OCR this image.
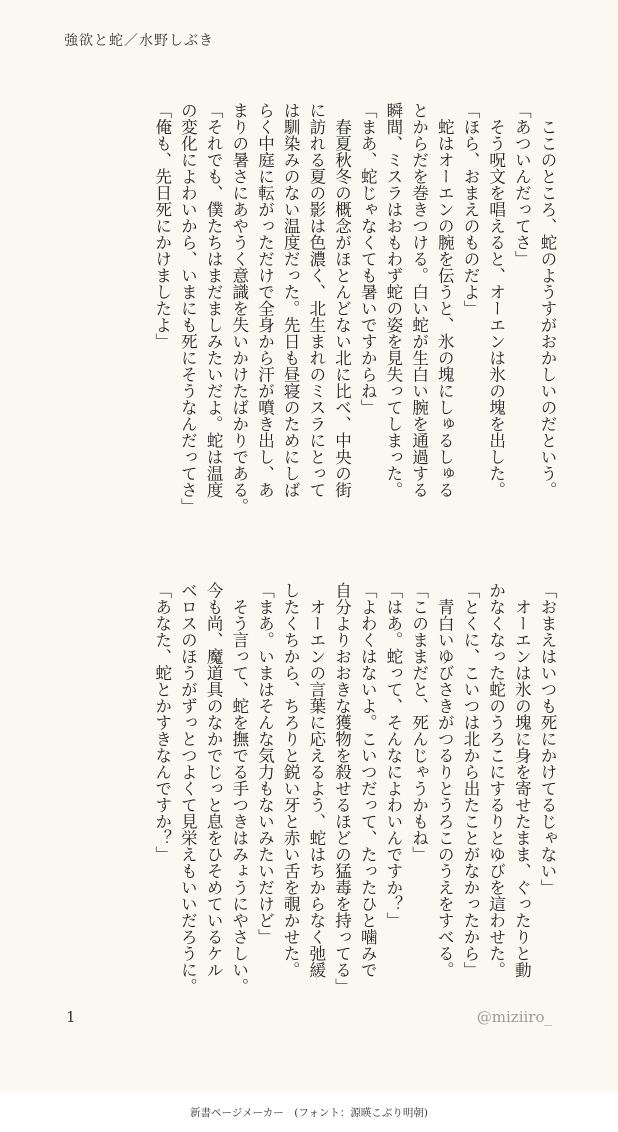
強欲と蛇／水野しぶき
　ここのところ、蛇のようすがおかしいのだという。
「あついんだってさ」
　そう呪文を唱えると、オーエンは氷の塊を出した。
「ほら、おまえのものだよ」
　蛇はオーエンの腕を伝うと、氷の塊にしゅるしゅる
とからだを巻きつける。白い蛇が生白い腕を通過する
瞬間、ミスラはおもわず蛇の姿を見失ってしまった。
「まあ、蛇じゃなくても暑いですからね」
　春夏秋冬の概念がほとんどない北に比べ、中央の街
に訪れる夏の影は色濃く、北生まれのミスラにとって
は馴染みのない温度だった。先日も昼寝のためにしば
らく中庭に転がっただけで全身から汗が噴き出し、あ
まりの暑さにあやうく意識を失いかけたばかりである。
「それでも、僕たちはまだましみたいだよ。蛇は温度
の変化によわいから、いまにも死にそうなんだってさ」
「俺も、先日死にかけましたよ」
「おまえはいつも死にかけてるじゃない」
　オーエンは氷の塊に身を寄せたまま、ぐったりと動
かなくなった蛇のうろこにするりとゆびを這わせた。
「とくに、こいつは北から出たことがなかったから」
　青白いゆびさきがつるりとうろこのうえをすべる。
「このままだと、死んじゃうかもね」
「はあ。蛇って、そんなによわいんですか？」
「よわくはないよ。こいつだって、たったひと噛みで
自分よりおおきな獲物を殺せるほどの猛毒を持ってる」
　オーエンの言葉に応えるよう、蛇はちからなく弛緩
したくちから、ちろりと鋭い牙と赤い舌を覗かせた。
「まあ。いまはそんな気力もないみたいだけど」
　そう言って、蛇を撫でる手つきはみょうにやさしい。
今も尚、魔道具のなかでじっと息をひそめているケル
ベロスのほうがずっとつよくて見栄えもいいだろうに。
「あなた、蛇とかすきなんですか？」
1	@miziiro_
新書ページメーカー　(フォント：源暎こぶり明朝)
